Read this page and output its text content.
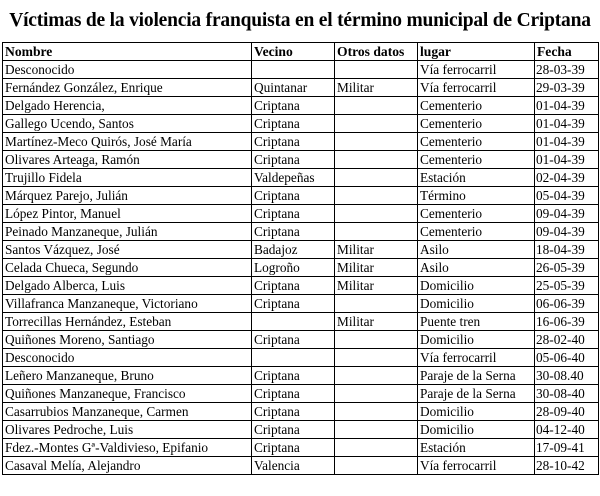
Víctimas de la violencia franquista en el término municipal de Criptana
Nombre	Vecino	Otros datos	lugar	Fecha
Desconocido			Vía ferrocarril	28-03-39
Fernández González, Enrique	Quintanar	Militar	Vía ferrocarril	29-03-39
Delgado Herencia,	Criptana		Cementerio	01-04-39
Gallego Ucendo, Santos	Criptana		Cementerio	01-04-39
Martínez-Meco Quirós, José María	Criptana		Cementerio	01-04-39
Olivares Arteaga, Ramón	Criptana		Cementerio	01-04-39
Trujillo Fidela	Valdepeñas		Estación	02-04-39
Márquez Parejo, Julián	Criptana		Término	05-04-39
López Pintor, Manuel	Criptana		Cementerio	09-04-39
Peinado Manzaneque, Julián	Criptana		Cementerio	09-04-39
Santos Vázquez, José	Badajoz	Militar	Asilo	18-04-39
Celada Chueca, Segundo	Logroño	Militar	Asilo	26-05-39
Delgado Alberca, Luis	Criptana	Militar	Domicilio	25-05-39
Villafranca Manzaneque, Victoriano	Criptana		Domicilio	06-06-39
Torrecillas Hernández, Esteban		Militar	Puente tren	16-06-39
Quiñones Moreno, Santiago	Criptana		Domicilio	28-02-40
Desconocido			Vía ferrocarril	05-06-40
Leñero Manzaneque, Bruno	Criptana		Paraje de la Serna	30-08.40
Quiñones Manzaneque, Francisco	Criptana		Paraje de la Serna	30-08-40
Casarrubios Manzaneque, Carmen	Criptana		Domicilio	28-09-40
Olivares Pedroche, Luis	Criptana		Domicilio	04-12-40
Fdez.-Montes Gª-Valdivieso, Epifanio	Criptana		Estación	17-09-41
Casaval Melía, Alejandro	Valencia		Vía ferrocarril	28-10-42
